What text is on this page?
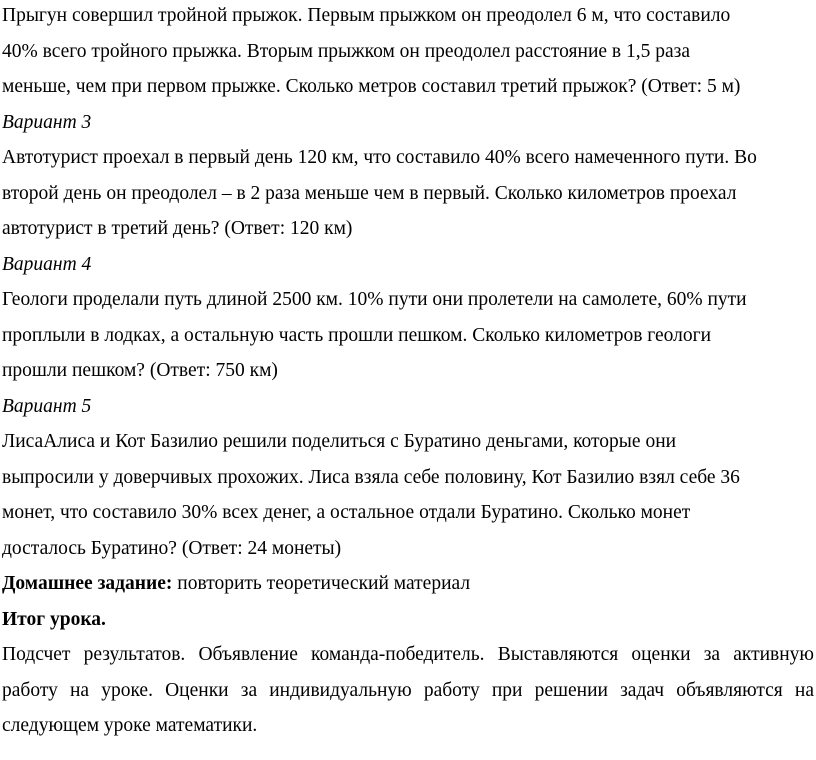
Прыгун совершил тройной прыжок. Первым прыжком он преодолел 6 м, что составило
40% всего тройного прыжка. Вторым прыжком он преодолел расстояние в 1,5 раза
меньше, чем при первом прыжке. Сколько метров составил третий прыжок? (Ответ: 5 м)
Вариант 3
Автотурист проехал в первый день 120 км, что составило 40% всего намеченного пути. Во
второй день он преодолел – в 2 раза меньше чем в первый. Сколько километров проехал
автотурист в третий день? (Ответ: 120 км)
Вариант 4
Геологи проделали путь длиной 2500 км. 10% пути они пролетели на самолете, 60% пути
проплыли в лодках, а остальную часть прошли пешком. Сколько километров геологи
прошли пешком? (Ответ: 750 км)
Вариант 5
ЛисаАлиса и Кот Базилио решили поделиться с Буратино деньгами, которые они
выпросили у доверчивых прохожих. Лиса взяла себе половину, Кот Базилио взял себе 36
монет, что составило 30% всех денег, а остальное отдали Буратино. Сколько монет
досталось Буратино? (Ответ: 24 монеты)
Домашнее задание: повторить теоретический материал
Итог урока.
Подсчет результатов. Объявление команда-победитель. Выставляются оценки за активную
работу на уроке. Оценки за индивидуальную работу при решении задач объявляются на
следующем уроке математики.
